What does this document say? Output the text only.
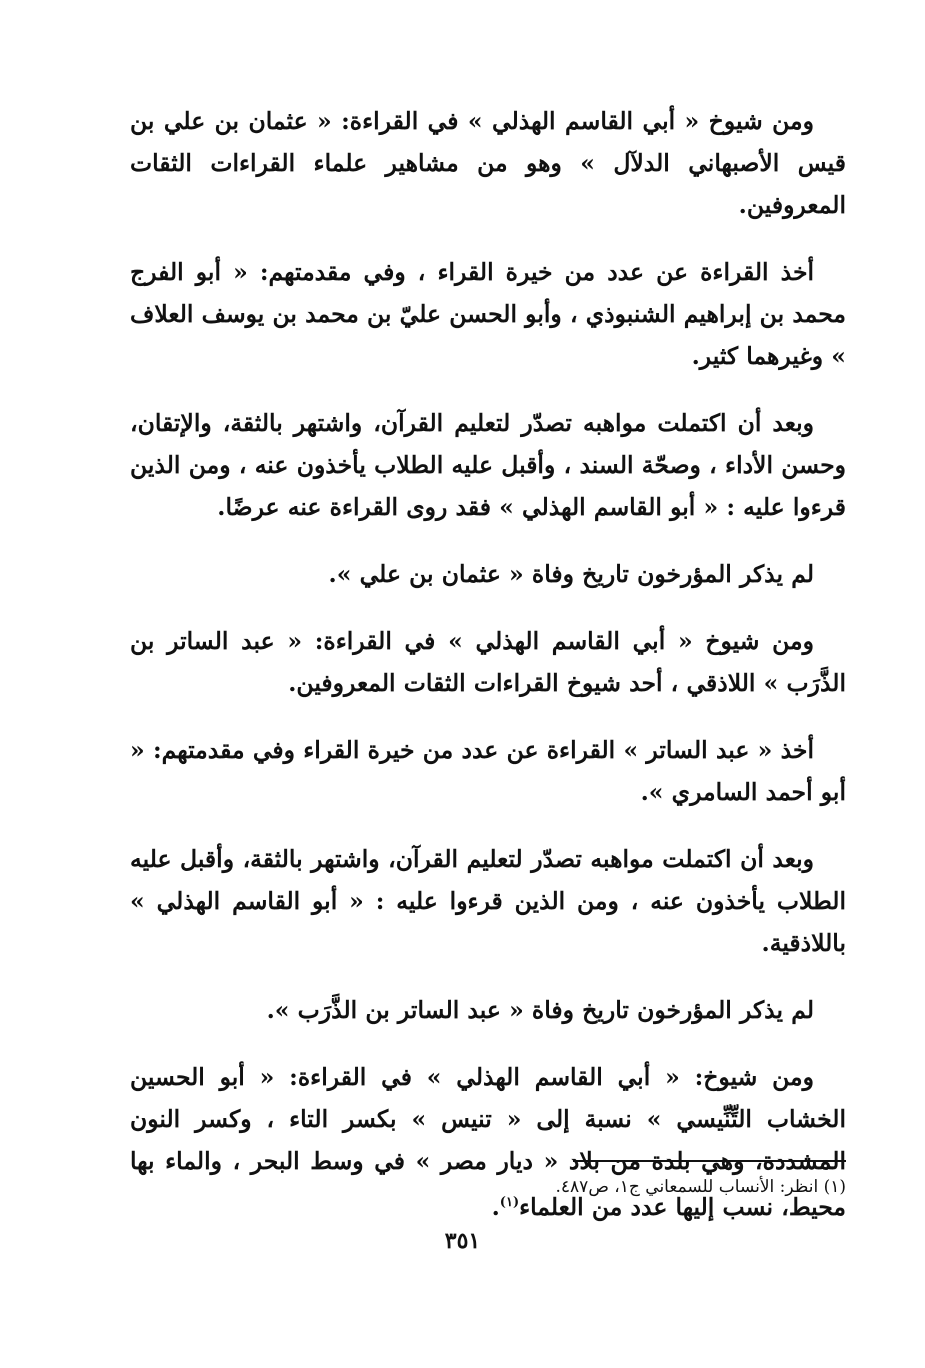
ومن شيوخ « أبي القاسم الهذلي » في القراءة: « عثمان بن علي بن قيس الأصبهاني الدلآل » وهو من مشاهير علماء القراءات الثقات المعروفين.

أخذ القراءة عن عدد من خيرة القراء ، وفي مقدمتهم: « أبو الفرج محمد بن إبراهيم الشنبوذي ، وأبو الحسن عليّ بن محمد بن يوسف العلاف » وغيرهما كثير.

وبعد أن اكتملت مواهبه تصدّر لتعليم القرآن، واشتهر بالثقة، والإتقان، وحسن الأداء ، وصحّة السند ، وأقبل عليه الطلاب يأخذون عنه ، ومن الذين قرءوا عليه : « أبو القاسم الهذلي » فقد روى القراءة عنه عرضًا.

لم يذكر المؤرخون تاريخ وفاة « عثمان بن علي ».

ومن شيوخ « أبي القاسم الهذلي » في القراءة: « عبد الساتر بن الذَّرَب » اللاذقي ، أحد شيوخ القراءات الثقات المعروفين.

أخذ « عبد الساتر » القراءة عن عدد من خيرة القراء وفي مقدمتهم: « أبو أحمد السامري ».

وبعد أن اكتملت مواهبه تصدّر لتعليم القرآن، واشتهر بالثقة، وأقبل عليه الطلاب يأخذون عنه ، ومن الذين قرءوا عليه : « أبو القاسم الهذلي » باللاذقية.

لم يذكر المؤرخون تاريخ وفاة « عبد الساتر بن الذَّرَب ».

ومن شيوخ: « أبي القاسم الهذلي » في القراءة: « أبو الحسين الخشاب التِّنِّيسي » نسبة إلى « تنيس » بكسر التاء ، وكسر النون المشددة، وهي بلدة من بلاد « ديار مصر » في وسط البحر ، والماء بها محيط، نسب إليها عدد من العلماء$^{(١)}$.

(١) انظر: الأنساب للسمعاني ج١، ص٤٨٧.
٣٥١
